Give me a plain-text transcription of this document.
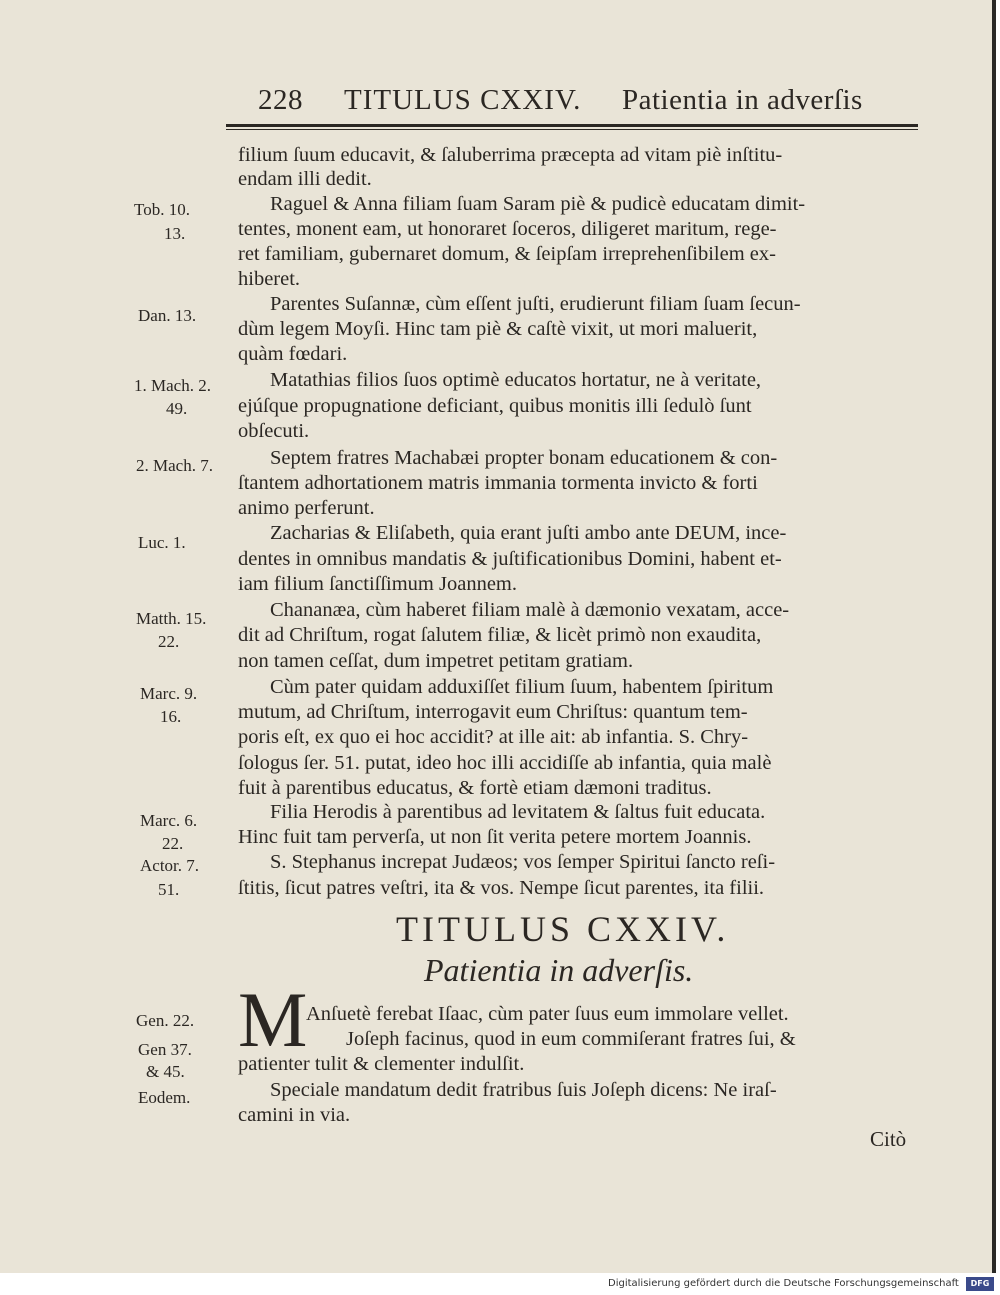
228 TITULUS CXXIV. Patientia in adverſis
Tob. 10.
13.
Dan. 13.
1. Mach. 2.
49.
2. Mach. 7.
Luc. 1.
Matth. 15.
22.
Marc. 9.
16.
Marc. 6.
22.
Actor. 7.
51.
Gen. 22.
Gen 37.
& 45.
Eodem.
filium ſuum educavit, & ſaluberrima præcepta ad vitam piè inſtitu-
endam illi dedit.
Raguel & Anna filiam ſuam Saram piè & pudicè educatam dimit-
tentes, monent eam, ut honoraret ſoceros, diligeret maritum, rege-
ret familiam, gubernaret domum, & ſeipſam irreprehenſibilem ex-
hiberet.
Parentes Suſannæ, cùm eſſent juſti, erudierunt filiam ſuam ſecun-
dùm legem Moyſi. Hinc tam piè & caſtè vixit, ut mori maluerit,
quàm fœdari.
Matathias filios ſuos optimè educatos hortatur, ne à veritate,
ejúſque propugnatione deficiant, quibus monitis illi ſedulò ſunt
obſecuti.
Septem fratres Machabæi propter bonam educationem & con-
ſtantem adhortationem matris immania tormenta invicto & forti
animo perferunt.
Zacharias & Eliſabeth, quia erant juſti ambo ante DEUM, ince-
dentes in omnibus mandatis & juſtificationibus Domini, habent et-
iam filium ſanctiſſimum Joannem.
Chananæa, cùm haberet filiam malè à dæmonio vexatam, acce-
dit ad Chriſtum, rogat ſalutem filiæ, & licèt primò non exaudita,
non tamen ceſſat, dum impetret petitam gratiam.
Cùm pater quidam adduxiſſet filium ſuum, habentem ſpiritum
mutum, ad Chriſtum, interrogavit eum Chriſtus: quantum tem-
poris eſt, ex quo ei hoc accidit? at ille ait: ab infantia. S. Chry-
ſologus ſer. 51. putat, ideo hoc illi accidiſſe ab infantia, quia malè
fuit à parentibus educatus, & fortè etiam dæmoni traditus.
Filia Herodis à parentibus ad levitatem & ſaltus fuit educata.
Hinc fuit tam perverſa, ut non ſit verita petere mortem Joannis.
S. Stephanus increpat Judæos; vos ſemper Spiritui ſancto reſi-
ſtitis, ſicut patres veſtri, ita & vos. Nempe ſicut parentes, ita filii.
TITULUS CXXIV.
Patientia in adverſis.
M
Anſuetè ferebat Iſaac, cùm pater ſuus eum immolare vellet.
Joſeph facinus, quod in eum commiſerant fratres ſui, &
patienter tulit & clementer indulſit.
Speciale mandatum dedit fratribus ſuis Joſeph dicens: Ne iraſ-
camini in via.
Citò
Digitalisierung gefördert durch die Deutsche Forschungsgemeinschaft	DFG
